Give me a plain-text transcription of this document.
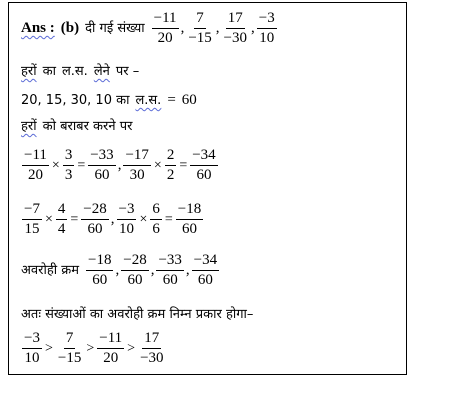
Ans : (b) दी गई संख्या $\frac{-11}{20}$ , $\frac{7}{-15}$ , $\frac{17}{-30}$ , $\frac{-3}{10}$
हरों का ल.स. लेने पर –
20, 15, 30, 10 का ल.स. = 60
हरों को बराबर करने पर
$\frac{-11}{20} \times \frac{3}{3} = \frac{-33}{60}$ , $\frac{-17}{30} \times \frac{2}{2} = \frac{-34}{60}$
$\frac{-7}{15} \times \frac{4}{4} = \frac{-28}{60}$ , $\frac{-3}{10} \times \frac{6}{6} = \frac{-18}{60}$
अवरोही क्रम $\frac{-18}{60}$ , $\frac{-28}{60}$ , $\frac{-33}{60}$ , $\frac{-34}{60}$
अतः संख्याओं का अवरोही क्रम निम्न प्रकार होगा–
$\frac{-3}{10} > \frac{7}{-15} > \frac{-11}{20} > \frac{17}{-30}$
